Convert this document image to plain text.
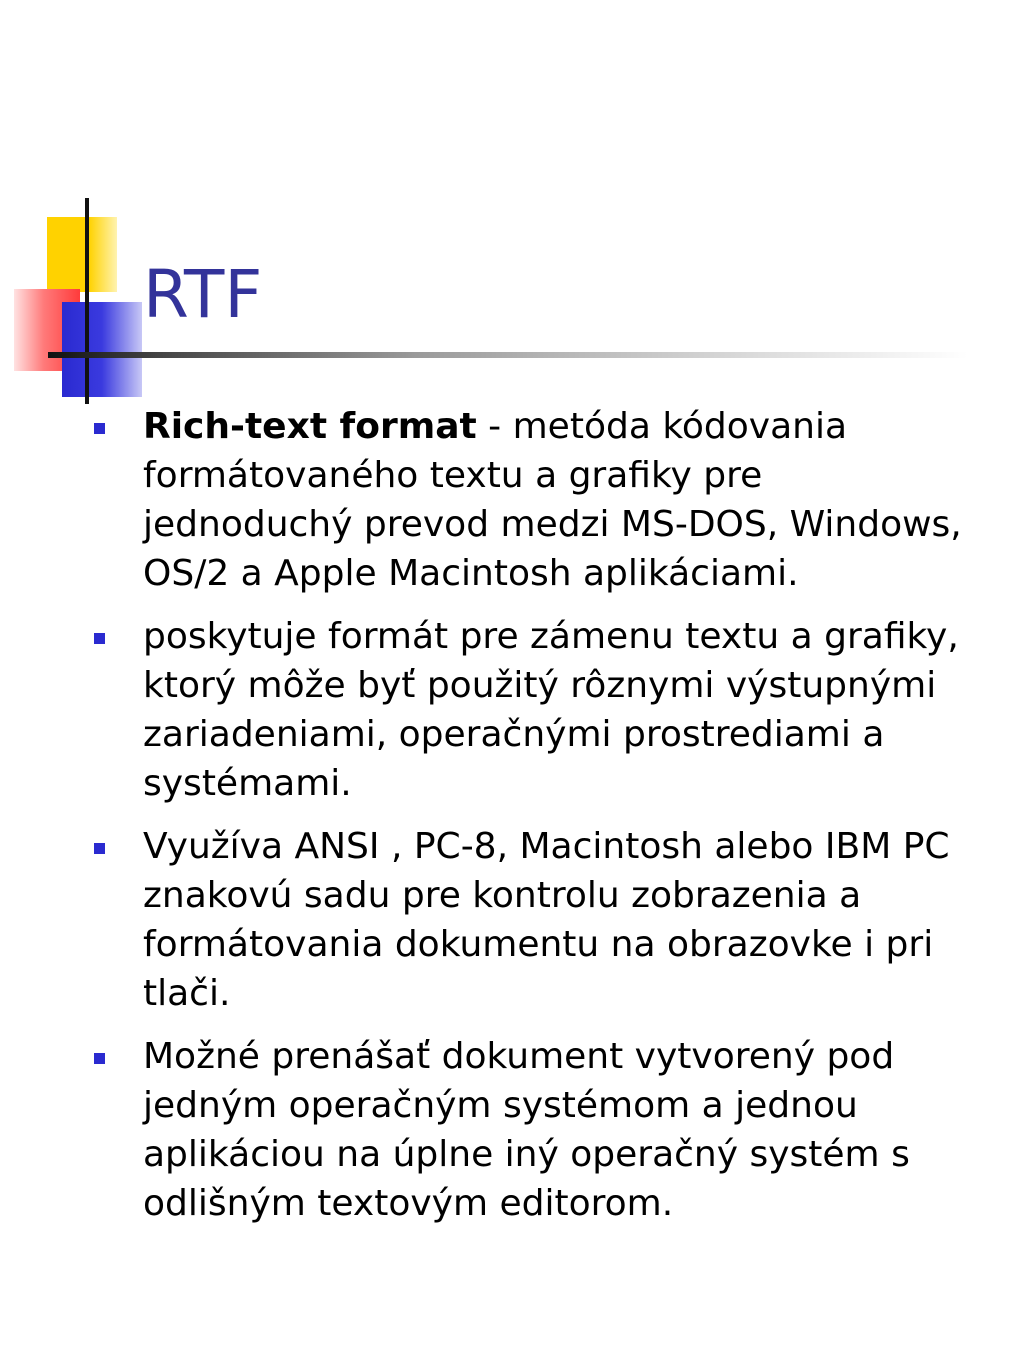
RTF
Rich-text format - metóda kódovania formátovaného textu a grafiky pre jednoduchý prevod medzi MS-DOS, Windows, OS/2 a Apple Macintosh aplikáciami.
poskytuje formát pre zámenu textu a grafiky, ktorý môže byť použitý rôznymi výstupnými zariadeniami, operačnými prostrediami a systémami.
Využíva ANSI , PC-8, Macintosh alebo IBM PC znakovú sadu pre kontrolu zobrazenia a formátovania dokumentu na obrazovke i pri tlači.
Možné prenášať dokument vytvorený pod jedným operačným systémom a jednou aplikáciou na úplne iný operačný systém s odlišným textovým editorom.
